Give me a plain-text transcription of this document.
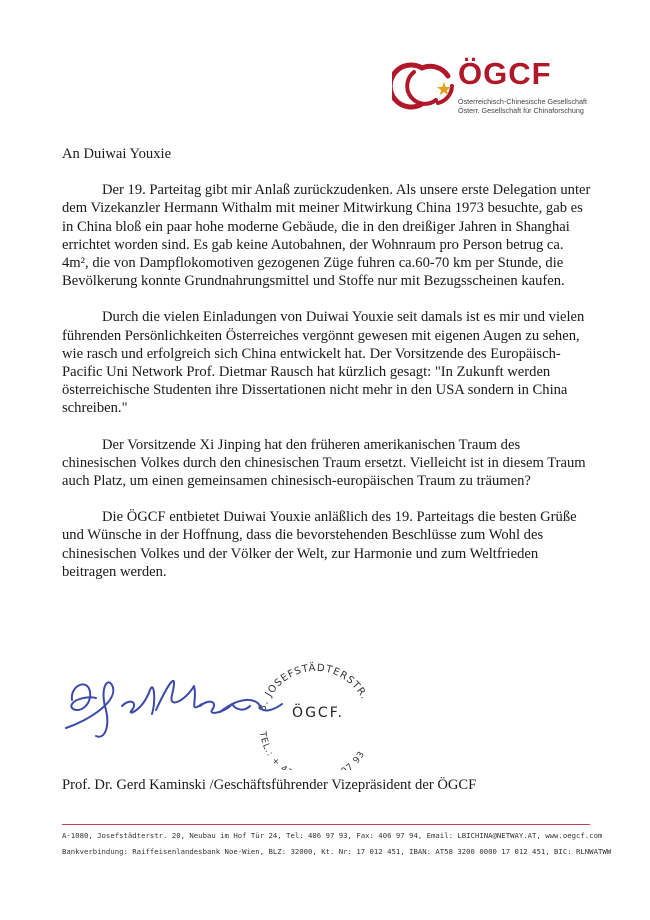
ÖGCF
Österreichisch-Chinesische Gesellschaft
Österr. Gesellschaft für Chinaforschung

An Duiwai Youxie

Der 19. Parteitag gibt mir Anlaß zurückzudenken. Als unsere erste Delegation unter dem Vizekanzler Hermann Withalm mit meiner Mitwirkung China 1973 besuchte, gab es in China bloß ein paar hohe moderne Gebäude, die in den dreißiger Jahren in Shanghai errichtet worden sind. Es gab keine Autobahnen, der Wohnraum pro Person betrug ca. 4m², die von Dampflokomotiven gezogenen Züge fuhren ca.60-70 km per Stunde, die Bevölkerung konnte Grundnahrungsmittel und Stoffe nur mit Bezugsscheinen kaufen.

Durch die vielen Einladungen von Duiwai Youxie seit damals ist es mir und vielen führenden Persönlichkeiten Österreiches vergönnt gewesen mit eigenen Augen zu sehen, wie rasch und erfolgreich sich China entwickelt hat. Der Vorsitzende des Europäisch-Pacific Uni Network Prof. Dietmar Rausch hat kürzlich gesagt: "In Zukunft werden österreichische Studenten ihre Dissertationen nicht mehr in den USA sondern in China schreiben."

Der Vorsitzende Xi Jinping hat den früheren amerikanischen Traum des chinesischen Volkes durch den chinesischen Traum ersetzt. Vielleicht ist in diesem Traum auch Platz, um einen gemeinsamen chinesisch-europäischen Traum zu träumen?

Die ÖGCF entbietet Duiwai Youxie anläßlich des 19. Parteitags die besten Grüße und Wünsche in der Hoffnung, dass die bevorstehenden Beschlüsse zum Wohl des chinesischen Volkes und der Völker der Welt, zur Harmonie und zum Weltfrieden beitragen werden.

8. JOSEFSTÄDTERSTR.
ÖGCF.
TEL.: + 4 7 93
Prof. Dr. Gerd Kaminski /Geschäftsführender Vizepräsident der ÖGCF
A-1080, Josefstädterstr. 20, Neubau im Hof Tür 24, Tel: 406 97 93, Fax: 406 97 94, Email: LBICHINA@NETWAY.AT, www.oegcf.com
Bankverbindung: Raiffeisenlandesbank Noe-Wien, BLZ: 32000, Kt. Nr: 17 012 451, IBAN: AT58 3200 0000 17 012 451, BIC: RLNWATWW
